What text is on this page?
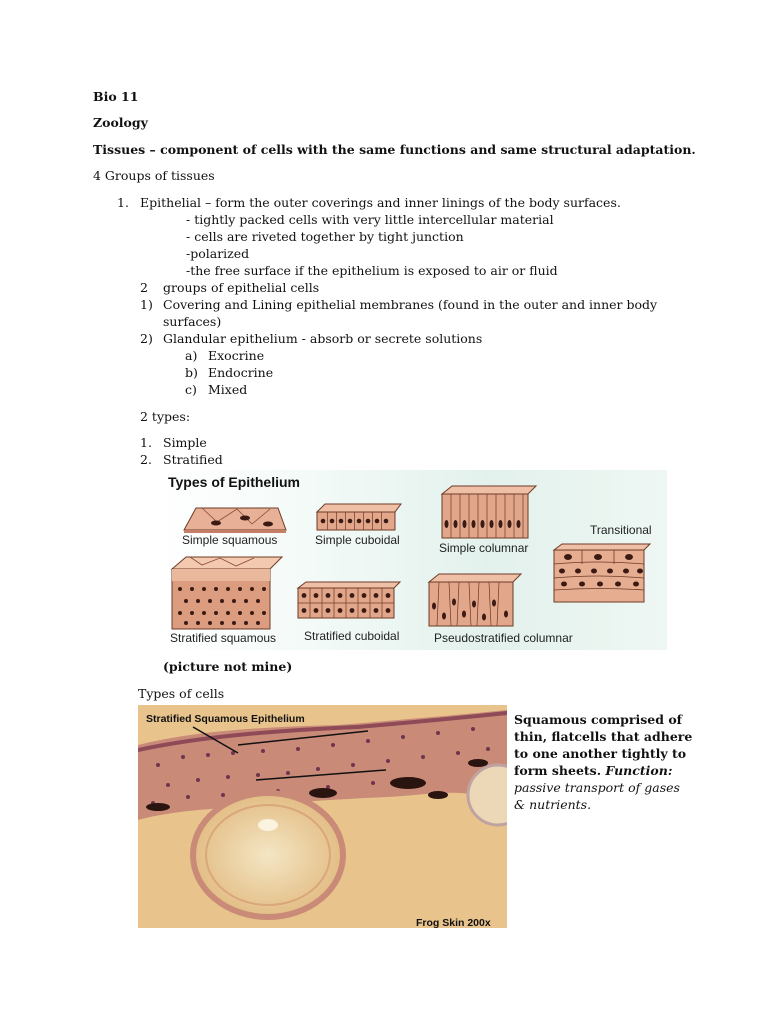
Bio 11

Zoology

Tissues – component of cells with the same functions and same structural adaptation.

4 Groups of tissues

1. Epithelial – form the outer coverings and inner linings of the body surfaces.

- tightly packed cells with very little intercellular material

- cells are riveted together by tight junction

-polarized

-the free surface if the epithelium is exposed to air or fluid

2 groups of epithelial cells

1) Covering and Lining epithelial membranes (found in the outer and inner body

surfaces)

2) Glandular epithelium - absorb or secrete solutions

a) Exocrine

b) Endocrine

c) Mixed

2 types:

1. Simple

2. Stratified

Types of Epithelium
Simple squamous	Simple cuboidal
Simple columnar
Transitional
Stratified squamous Stratified cuboidal	Pseudostratified columnar

(picture not mine)

Types of cells

Stratified Squamous Epithelium
Frog Skin 200x
Squamous comprised of
thin, flatcells that adhere
to one another tightly to
form sheets. Function:
passive transport of gases
& nutrients.
